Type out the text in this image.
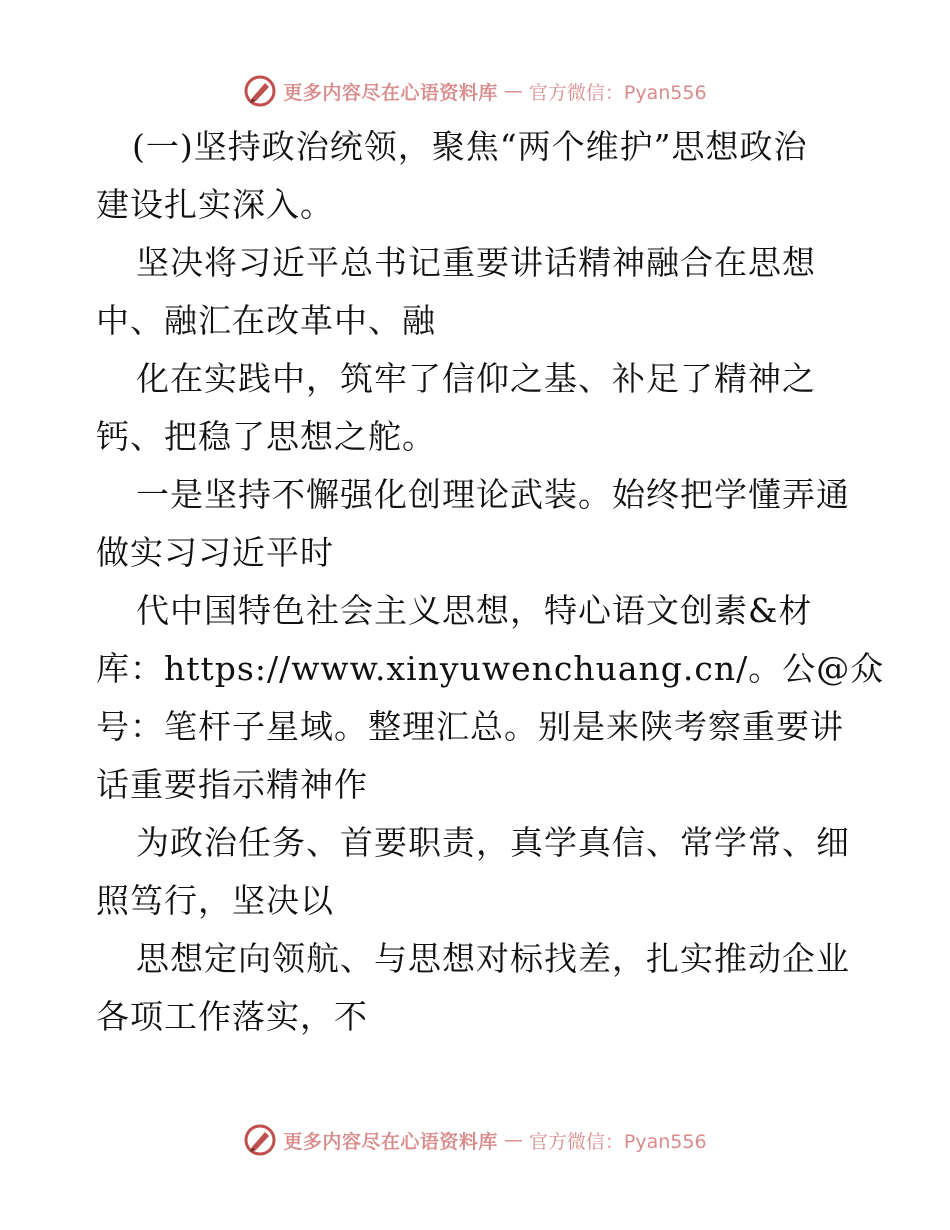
更多内容尽在心语资料库 — 官方微信：Pyan556
(一)坚持政治统领，聚焦“两个维护”思想政治
建设扎实深入。
坚决将习近平总书记重要讲话精神融合在思想
中、融汇在改革中、融
化在实践中，筑牢了信仰之基、补足了精神之
钙、把稳了思想之舵。
一是坚持不懈强化创理论武装。始终把学懂弄通
做实习习近平时
代中国特色社会主义思想，特心语文创素&材
库：https://www.xinyuwenchuang.cn/。公@众
号：笔杆子星域。整理汇总。别是来陕考察重要讲
话重要指示精神作
为政治任务、首要职责，真学真信、常学常、细
照笃行，坚决以
思想定向领航、与思想对标找差，扎实推动企业
各项工作落实，不
更多内容尽在心语资料库 — 官方微信：Pyan556
